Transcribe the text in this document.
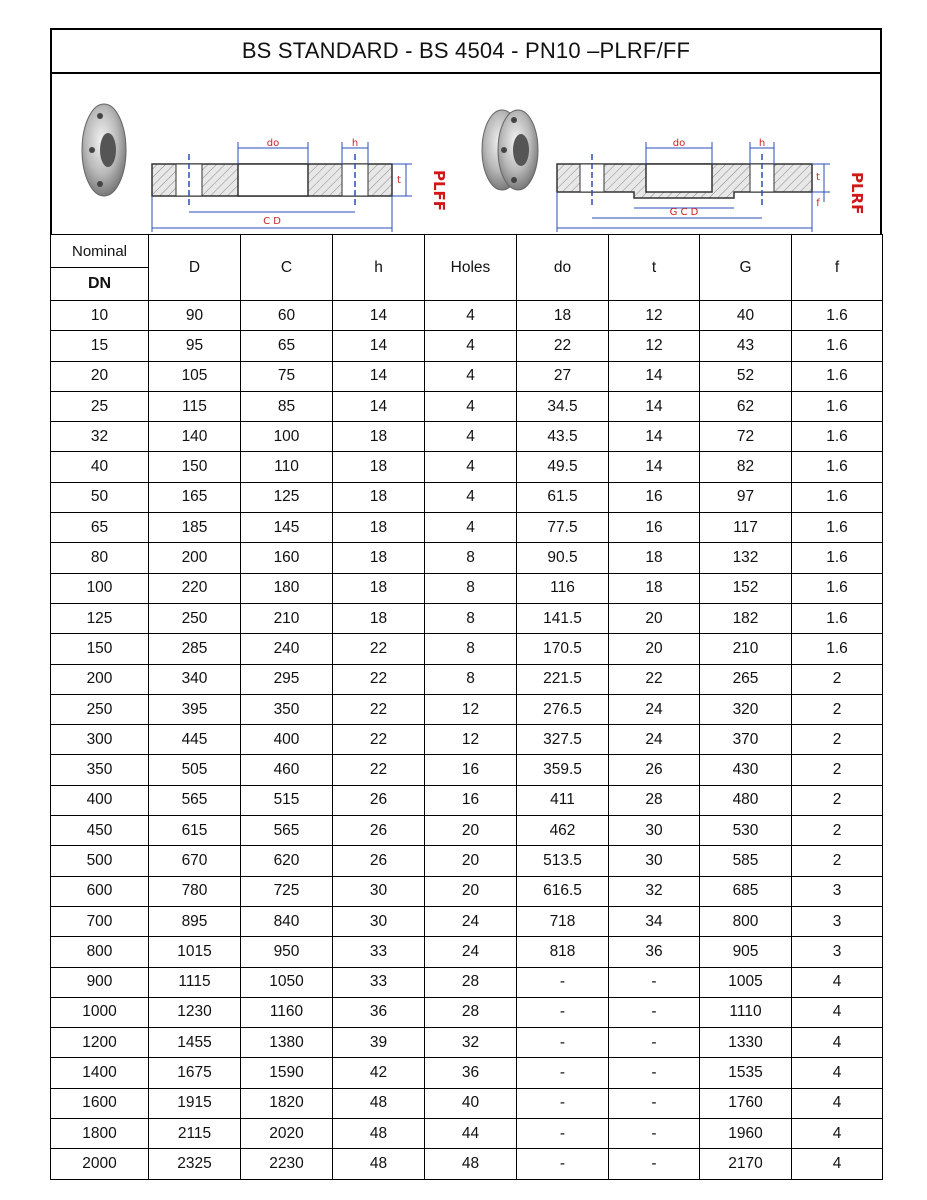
BS STANDARD - BS 4504 - PN10 –PLRF/FF
do	h
t
C D
PLFF
do	h
t
f
G C D	PLRF
Nominal	D	C	h	Holes	do	t	G	f
DN								
10	90	60	14	4	18	12	40	1.6
15	95	65	14	4	22	12	43	1.6
20	105	75	14	4	27	14	52	1.6
25	115	85	14	4	34.5	14	62	1.6
32	140	100	18	4	43.5	14	72	1.6
40	150	110	18	4	49.5	14	82	1.6
50	165	125	18	4	61.5	16	97	1.6
65	185	145	18	4	77.5	16	117	1.6
80	200	160	18	8	90.5	18	132	1.6
100	220	180	18	8	116	18	152	1.6
125	250	210	18	8	141.5	20	182	1.6
150	285	240	22	8	170.5	20	210	1.6
200	340	295	22	8	221.5	22	265	2
250	395	350	22	12	276.5	24	320	2
300	445	400	22	12	327.5	24	370	2
350	505	460	22	16	359.5	26	430	2
400	565	515	26	16	411	28	480	2
450	615	565	26	20	462	30	530	2
500	670	620	26	20	513.5	30	585	2
600	780	725	30	20	616.5	32	685	3
700	895	840	30	24	718	34	800	3
800	1015	950	33	24	818	36	905	3
900	1115	1050	33	28	-	-	1005	4
1000	1230	1160	36	28	-	-	1110	4
1200	1455	1380	39	32	-	-	1330	4
1400	1675	1590	42	36	-	-	1535	4
1600	1915	1820	48	40	-	-	1760	4
1800	2115	2020	48	44	-	-	1960	4
2000	2325	2230	48	48	-	-	2170	4
